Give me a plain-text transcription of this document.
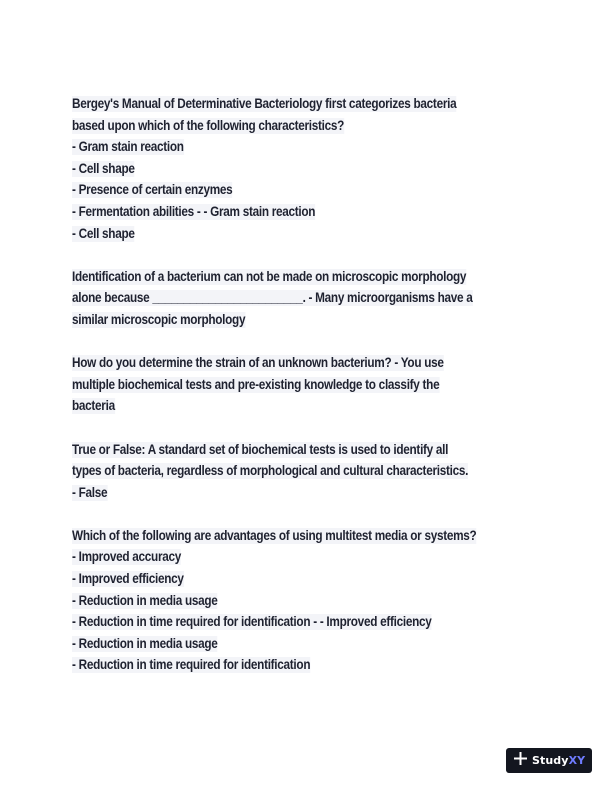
Bergey's Manual of Determinative Bacteriology first categorizes bacteria
based upon which of the following characteristics?
- Gram stain reaction
- Cell shape
- Presence of certain enzymes
- Fermentation abilities - - Gram stain reaction
- Cell shape
Identification of a bacterium can not be made on microscopic morphology
alone because ________________________. - Many microorganisms have a
similar microscopic morphology
How do you determine the strain of an unknown bacterium? - You use
multiple biochemical tests and pre-existing knowledge to classify the
bacteria
True or False: A standard set of biochemical tests is used to identify all
types of bacteria, regardless of morphological and cultural characteristics.
- False
Which of the following are advantages of using multitest media or systems?
- Improved accuracy
- Improved efficiency
- Reduction in media usage
- Reduction in time required for identification - - Improved efficiency
- Reduction in media usage
- Reduction in time required for identification
StudyXY
